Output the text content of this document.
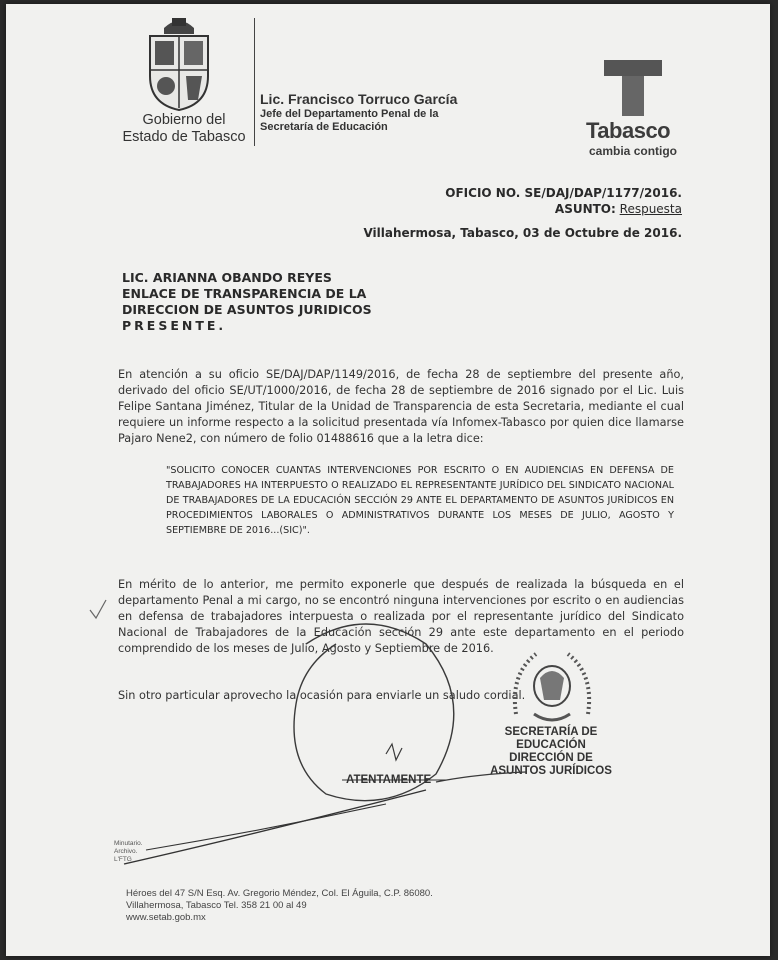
Gobierno del
Estado de Tabasco
Lic. Francisco Torruco García
Jefe del Departamento Penal de la
Secretaría de Educación	Tabasco
cambia contigo
OFICIO NO. SE/DAJ/DAP/1177/2016.
ASUNTO: Respuesta
Villahermosa, Tabasco, 03 de Octubre de 2016.
LIC. ARIANNA OBANDO REYES
ENLACE DE TRANSPARENCIA DE LA
DIRECCION DE ASUNTOS JURIDICOS
PRESENTE.
En atención a su oficio SE/DAJ/DAP/1149/2016, de fecha 28 de septiembre del presente año, derivado del oficio SE/UT/1000/2016, de fecha 28 de septiembre de 2016 signado por el Lic. Luis Felipe Santana Jiménez, Titular de la Unidad de Transparencia de esta Secretaria, mediante el cual requiere un informe respecto a la solicitud presentada vía Infomex-Tabasco por quien dice llamarse Pajaro Nene2, con número de folio 01488616 que a la letra dice:
"SOLICITO CONOCER CUANTAS INTERVENCIONES POR ESCRITO O EN AUDIENCIAS EN DEFENSA DE TRABAJADORES HA INTERPUESTO O REALIZADO EL REPRESENTANTE JURÍDICO DEL SINDICATO NACIONAL DE TRABAJADORES DE LA EDUCACIÓN SECCIÓN 29 ANTE EL DEPARTAMENTO DE ASUNTOS JURÍDICOS EN PROCEDIMIENTOS LABORALES O ADMINISTRATIVOS DURANTE LOS MESES DE JULIO, AGOSTO Y SEPTIEMBRE DE 2016...(SIC)".
En mérito de lo anterior, me permito exponerle que después de realizada la búsqueda en el departamento Penal a mi cargo, no se encontró ninguna intervenciones por escrito o en audiencias en defensa de trabajadores interpuesta o realizada por el representante jurídico del Sindicato Nacional de Trabajadores de la Educación sección 29 ante este departamento en el periodo comprendido de los meses de Julio, Agosto y Septiembre de 2016.
Sin otro particular aprovecho la ocasión para enviarle un saludo cordial.
SECRETARÍA DE
EDUCACIÓN
DIRECCIÓN DE
ASUNTOS JURÍDICOS
ATENTAMENTE
Minutario.
Archivo.
L'FTG
Héroes del 47 S/N Esq. Av. Gregorio Méndez, Col. El Águila, C.P. 86080.
Villahermosa, Tabasco Tel. 358 21 00 al 49
www.setab.gob.mx
